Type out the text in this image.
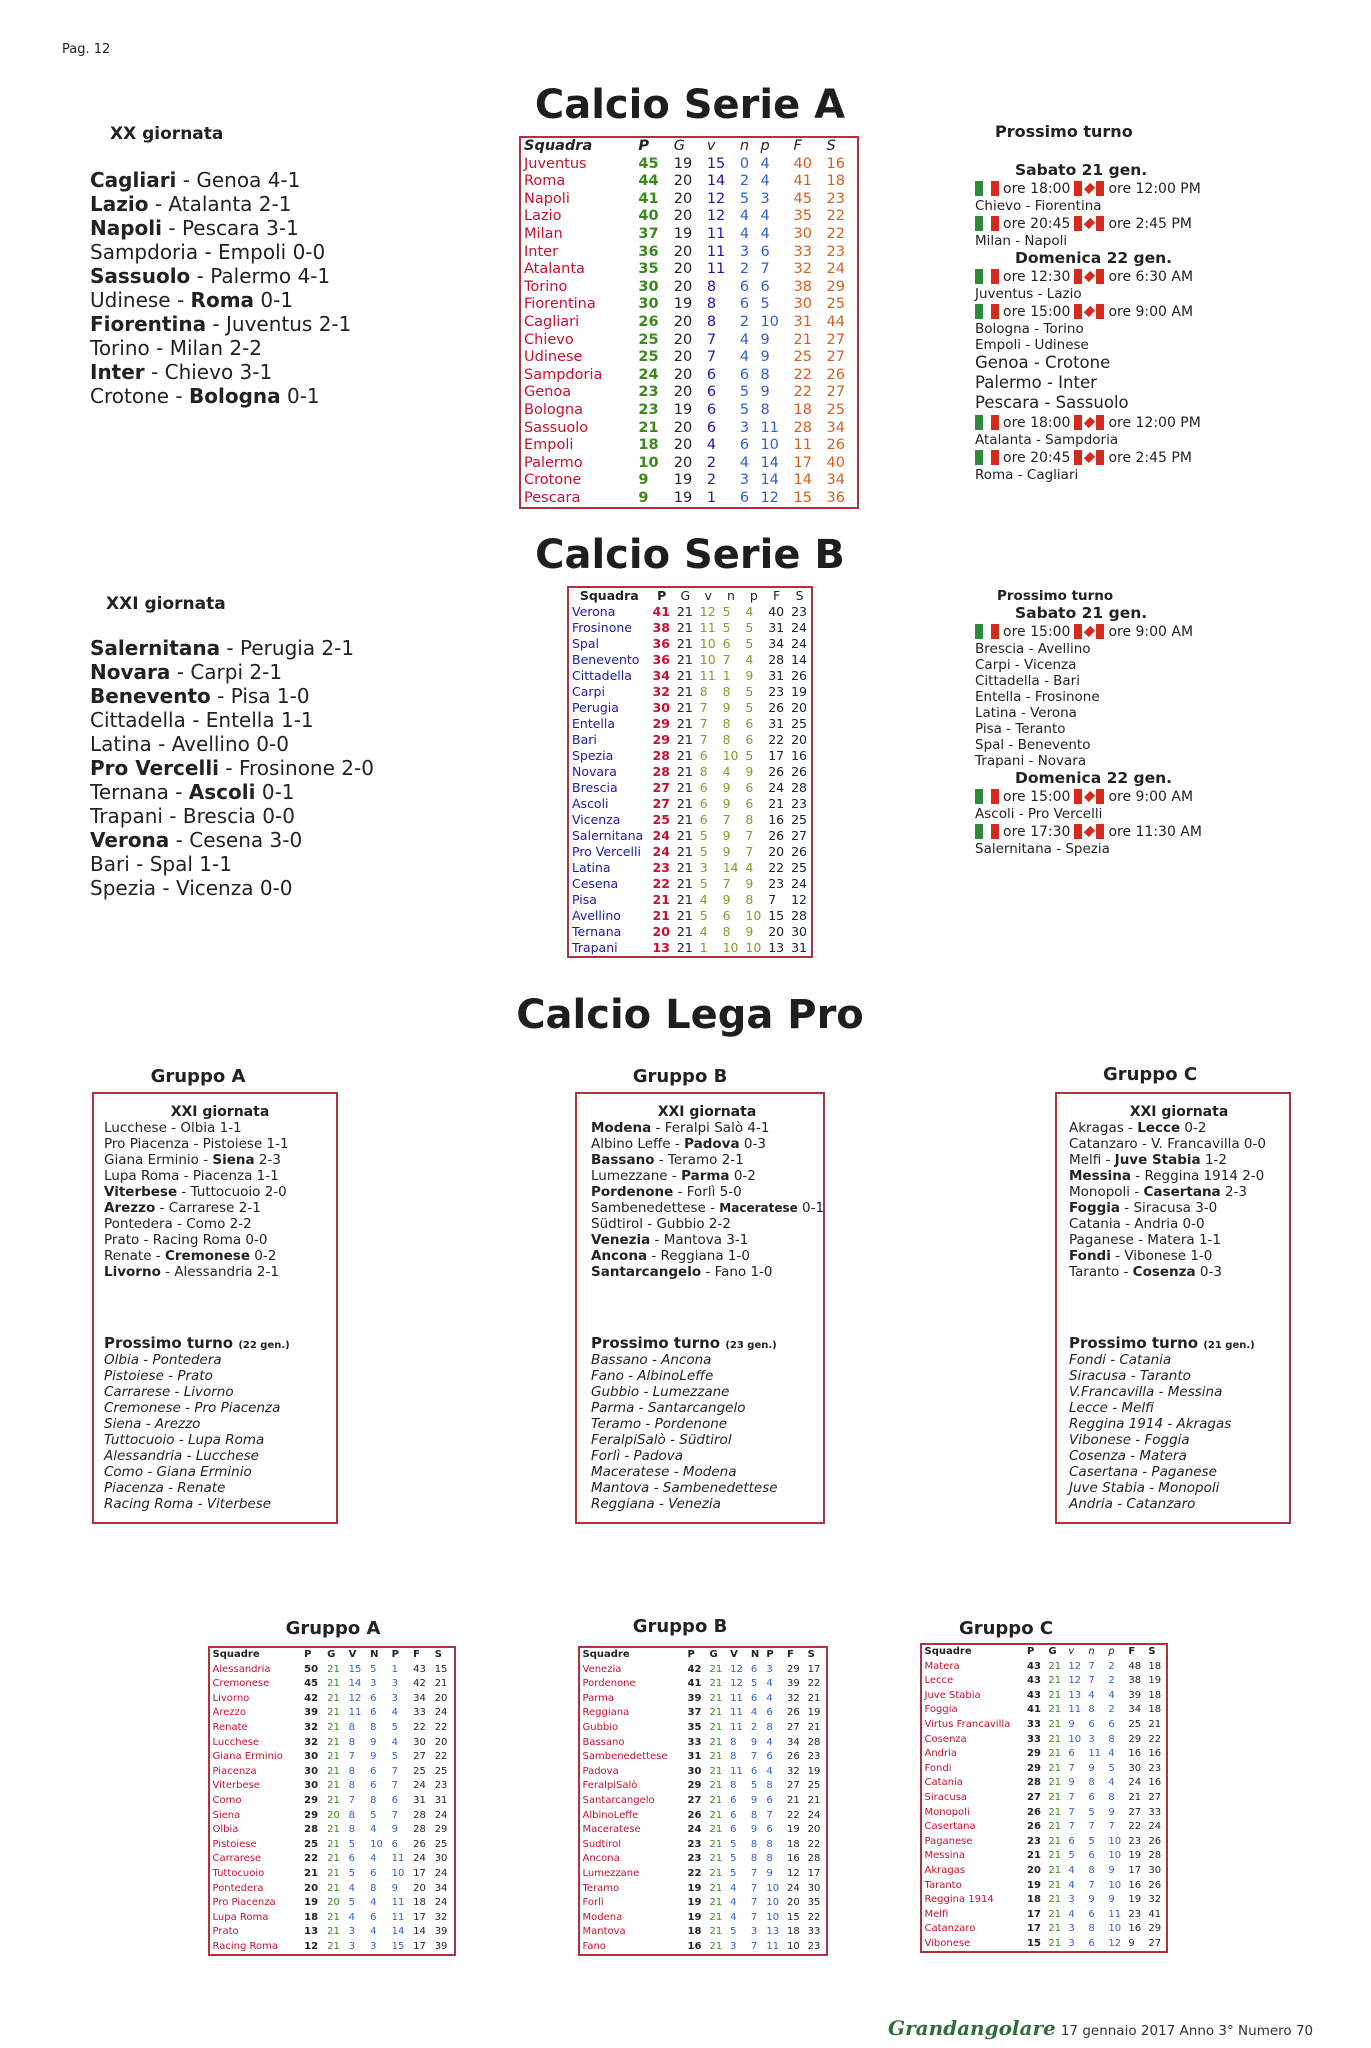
Pag. 12
Calcio Serie A
XX giornata
Cagliari - Genoa 4-1
Lazio - Atalanta 2-1
Napoli - Pescara 3-1
Sampdoria - Empoli 0-0
Sassuolo - Palermo 4-1
Udinese - Roma 0-1
Fiorentina - Juventus 2-1
Torino - Milan 2-2
Inter - Chievo 3-1
Crotone - Bologna 0-1
Squadra	P	G	v	n	p	F	S
Juventus	45	19	15	0	4	40	16
Roma	44	20	14	2	4	41	18
Napoli	41	20	12	5	3	45	23
Lazio	40	20	12	4	4	35	22
Milan	37	19	11	4	4	30	22
Inter	36	20	11	3	6	33	23
Atalanta	35	20	11	2	7	32	24
Torino	30	20	8	6	6	38	29
Fiorentina	30	19	8	6	5	30	25
Cagliari	26	20	8	2	10	31	44
Chievo	25	20	7	4	9	21	27
Udinese	25	20	7	4	9	25	27
Sampdoria	24	20	6	6	8	22	26
Genoa	23	20	6	5	9	22	27
Bologna	23	19	6	5	8	18	25
Sassuolo	21	20	6	3	11	28	34
Empoli	18	20	4	6	10	11	26
Palermo	10	20	2	4	14	17	40
Crotone	9	19	2	3	14	14	34
Pescara	9	19	1	6	12	15	36
Prossimo turno
Sabato 21 gen.
ore 18:00	ore 12:00 PM
Chievo - Fiorentina
ore 20:45	ore 2:45 PM
Milan - Napoli
Domenica 22 gen.
ore 12:30	ore 6:30 AM
Juventus - Lazio
ore 15:00	ore 9:00 AM
Bologna - Torino
Empoli - Udinese
Genoa - Crotone
Palermo - Inter
Pescara - Sassuolo
ore 18:00	ore 12:00 PM
Atalanta - Sampdoria
ore 20:45	ore 2:45 PM
Roma - Cagliari
Calcio Serie B
XXI giornata
Salernitana - Perugia 2-1
Novara - Carpi 2-1
Benevento - Pisa 1-0
Cittadella - Entella 1-1
Latina - Avellino 0-0
Pro Vercelli - Frosinone 2-0
Ternana - Ascoli 0-1
Trapani - Brescia 0-0
Verona - Cesena 3-0
Bari - Spal 1-1
Spezia - Vicenza 0-0
Squadra	P	G	v	n	p	F	S
Verona	41	21	12	5	4	40	23
Frosinone	38	21	11	5	5	31	24
Spal	36	21	10	6	5	34	24
Benevento	36	21	10	7	4	28	14
Cittadella	34	21	11	1	9	31	26
Carpi	32	21	8	8	5	23	19
Perugia	30	21	7	9	5	26	20
Entella	29	21	7	8	6	31	25
Bari	29	21	7	8	6	22	20
Spezia	28	21	6	10	5	17	16
Novara	28	21	8	4	9	26	26
Brescia	27	21	6	9	6	24	28
Ascoli	27	21	6	9	6	21	23
Vicenza	25	21	6	7	8	16	25
Salernitana	24	21	5	9	7	26	27
Pro Vercelli	24	21	5	9	7	20	26
Latina	23	21	3	14	4	22	25
Cesena	22	21	5	7	9	23	24
Pisa	21	21	4	9	8	7	12
Avellino	21	21	5	6	10	15	28
Ternana	20	21	4	8	9	20	30
Trapani	13	21	1	10	10	13	31
Prossimo turno
Sabato 21 gen.
ore 15:00	ore 9:00 AM
Brescia - Avellino
Carpi - Vicenza
Cittadella - Bari
Entella - Frosinone
Latina - Verona
Pisa - Teranto
Spal - Benevento
Trapani - Novara
Domenica 22 gen.
ore 15:00	ore 9:00 AM
Ascoli - Pro Vercelli
ore 17:30	ore 11:30 AM
Salernitana - Spezia
Calcio Lega Pro
Gruppo A	Gruppo B	Gruppo C
XXI giornata
Lucchese - Olbia 1-1
Pro Piacenza - Pistoiese 1-1
Giana Erminio - Siena 2-3
Lupa Roma - Piacenza 1-1
Viterbese - Tuttocuoio 2-0
Arezzo - Carrarese 2-1
Pontedera - Como 2-2
Prato - Racing Roma 0-0
Renate - Cremonese 0-2
Livorno - Alessandria 2-1
Prossimo turno (22 gen.)
Olbia - Pontedera
Pistoiese - Prato
Carrarese - Livorno
Cremonese - Pro Piacenza
Siena - Arezzo
Tuttocuoio - Lupa Roma
Alessandria - Lucchese
Como - Giana Erminio
Piacenza - Renate
Racing Roma - Viterbese
XXI giornata
Modena - Feralpi Salò 4-1
Albino Leffe - Padova 0-3
Bassano - Teramo 2-1
Lumezzane - Parma 0-2
Pordenone - Forlì 5-0
Sambenedettese - Maceratese 0-1
Südtirol - Gubbio 2-2
Venezia - Mantova 3-1
Ancona - Reggiana 1-0
Santarcangelo - Fano 1-0
Prossimo turno (23 gen.)
Bassano - Ancona
Fano - AlbinoLeffe
Gubbio - Lumezzane
Parma - Santarcangelo
Teramo - Pordenone
FeralpiSalò - Südtirol
Forlì - Padova
Maceratese - Modena
Mantova - Sambenedettese
Reggiana - Venezia
XXI giornata
Akragas - Lecce 0-2
Catanzaro - V. Francavilla 0-0
Melfi - Juve Stabia 1-2
Messina - Reggina 1914 2-0
Monopoli - Casertana 2-3
Foggia - Siracusa 3-0
Catania - Andria 0-0
Paganese - Matera 1-1
Fondi - Vibonese 1-0
Taranto - Cosenza 0-3
Prossimo turno (21 gen.)
Fondi - Catania
Siracusa - Taranto
V.Francavilla - Messina
Lecce - Melfi
Reggina 1914 - Akragas
Vibonese - Foggia
Cosenza - Matera
Casertana - Paganese
Juve Stabia - Monopoli
Andria - Catanzaro
Gruppo A	Gruppo B	Gruppo C
Squadre	P	G	V	N	P	F	S
Alessandria	50	21	15	5	1	43	15
Cremonese	45	21	14	3	3	42	21
Livorno	42	21	12	6	3	34	20
Arezzo	39	21	11	6	4	33	24
Renate	32	21	8	8	5	22	22
Lucchese	32	21	8	9	4	30	20
Giana Erminio	30	21	7	9	5	27	22
Piacenza	30	21	8	6	7	25	25
Viterbese	30	21	8	6	7	24	23
Como	29	21	7	8	6	31	31
Siena	29	20	8	5	7	28	24
Olbia	28	21	8	4	9	28	29
Pistoiese	25	21	5	10	6	26	25
Carrarese	22	21	6	4	11	24	30
Tuttocuoio	21	21	5	6	10	17	24
Pontedera	20	21	4	8	9	20	34
Pro Piacenza	19	20	5	4	11	18	24
Lupa Roma	18	21	4	6	11	17	32
Prato	13	21	3	4	14	14	39
Racing Roma	12	21	3	3	15	17	39
Squadre	P	G	V	N	P	F	S
Venezia	42	21	12	6	3	29	17
Pordenone	41	21	12	5	4	39	22
Parma	39	21	11	6	4	32	21
Reggiana	37	21	11	4	6	26	19
Gubbio	35	21	11	2	8	27	21
Bassano	33	21	8	9	4	34	28
Sambenedettese	31	21	8	7	6	26	23
Padova	30	21	11	6	4	32	19
FeralpiSalò	29	21	8	5	8	27	25
Santarcangelo	27	21	6	9	6	21	21
AlbinoLeffe	26	21	6	8	7	22	24
Maceratese	24	21	6	9	6	19	20
Sudtirol	23	21	5	8	8	18	22
Ancona	23	21	5	8	8	16	28
Lumezzane	22	21	5	7	9	12	17
Teramo	19	21	4	7	10	24	30
Forlì	19	21	4	7	10	20	35
Modena	19	21	4	7	10	15	22
Mantova	18	21	5	3	13	18	33
Fano	16	21	3	7	11	10	23
Squadre	P	G	v	n	p	F	S
Matera	43	21	12	7	2	48	18
Lecce	43	21	12	7	2	38	19
Juve Stabia	43	21	13	4	4	39	18
Foggia	41	21	11	8	2	34	18
Virtus Francavilla	33	21	9	6	6	25	21
Cosenza	33	21	10	3	8	29	22
Andria	29	21	6	11	4	16	16
Fondi	29	21	7	9	5	30	23
Catania	28	21	9	8	4	24	16
Siracusa	27	21	7	6	8	21	27
Monopoli	26	21	7	5	9	27	33
Casertana	26	21	7	7	7	22	24
Paganese	23	21	6	5	10	23	26
Messina	21	21	5	6	10	19	28
Akragas	20	21	4	8	9	17	30
Taranto	19	21	4	7	10	16	26
Reggina 1914	18	21	3	9	9	19	32
Melfi	17	21	4	6	11	23	41
Catanzaro	17	21	3	8	10	16	29
Vibonese	15	21	3	6	12	9	27
Grandangolare 17 gennaio 2017 Anno 3° Numero 70
